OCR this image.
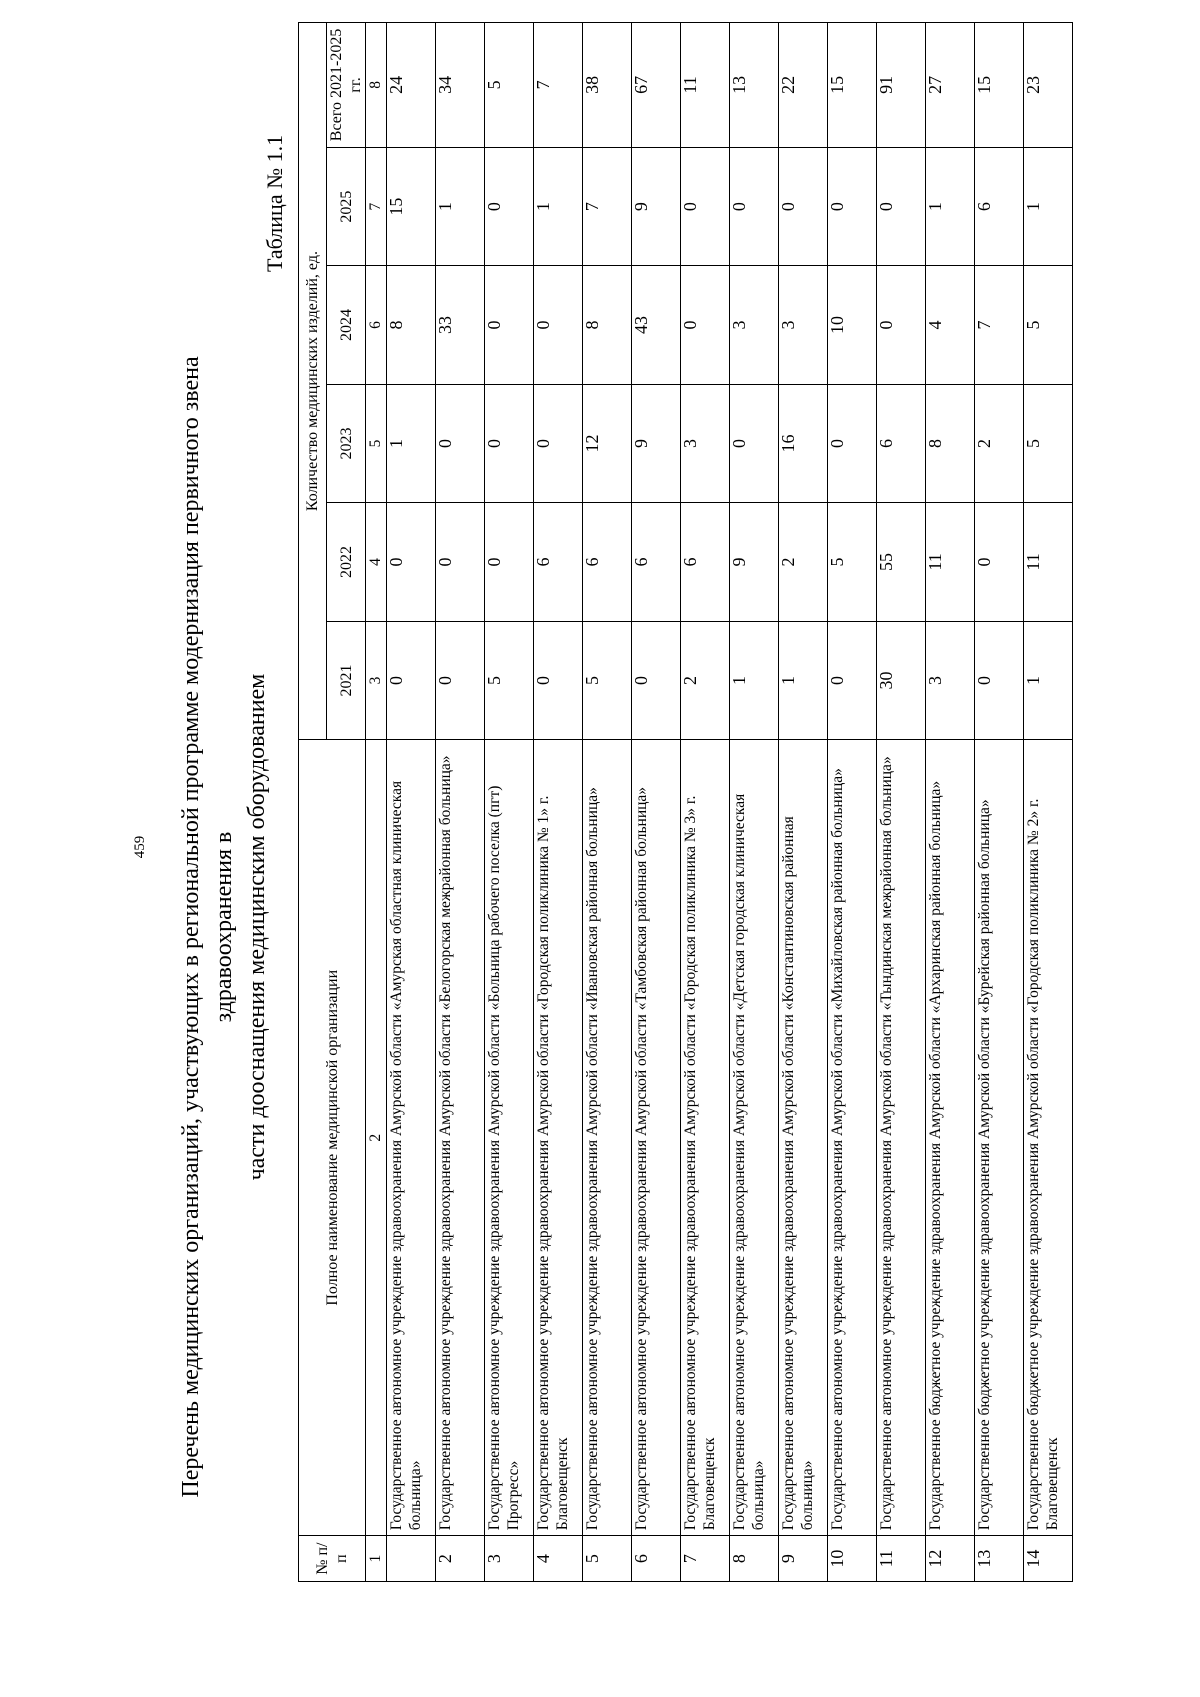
459 Перечень медицинских организаций, участвующих в региональной программе модернизация первичного звена здравоохранения в части дооснащения медицинским оборудованием
Таблица № 1.1
№ п/п	Полное наименование медицинской организации	Количество медицинских изделий, ед.					
		2021	2022	2023	2024	2025	Всего 2021-2025 гг.
1	2	3	4	5	6	7	8
	Государственное автономное учреждение здравоохранения Амурской области «Амурская областная клиническая больница»	0	0	1	8	15	24
2	Государственное автономное учреждение здравоохранения Амурской области «Белогорская межрайонная больница»	0	0	0	33	1	34
3	Государственное автономное учреждение здравоохранения Амурской области «Больница рабочего поселка (пгт) Прогресс»	5	0	0	0	0	5
4	Государственное автономное учреждение здравоохранения Амурской области «Городская поликлиника № 1» г. Благовещенск	0	6	0	0	1	7
5	Государственное автономное учреждение здравоохранения Амурской области «Ивановская районная больница»	5	6	12	8	7	38
6	Государственное автономное учреждение здравоохранения Амурской области «Тамбовская районная больница»	0	6	9	43	9	67
7	Государственное автономное учреждение здравоохранения Амурской области «Городская поликлиника № 3» г. Благовещенск	2	6	3	0	0	11
8	Государственное автономное учреждение здравоохранения Амурской области «Детская городская клиническая больница»	1	9	0	3	0	13
9	Государственное автономное учреждение здравоохранения Амурской области «Константиновская районная больница»	1	2	16	3	0	22
10	Государственное автономное учреждение здравоохранения Амурской области «Михайловская районная больница»	0	5	0	10	0	15
11	Государственное автономное учреждение здравоохранения Амурской области «Тындинская межрайонная больница»	30	55	6	0	0	91
12	Государственное бюджетное учреждение здравоохранения Амурской области «Архаринская районная больница»	3	11	8	4	1	27
13	Государственное бюджетное учреждение здравоохранения Амурской области «Бурейская районная больница»	0	0	2	7	6	15
14	Государственное бюджетное учреждение здравоохранения Амурской области «Городская поликлиника № 2» г. Благовещенск	1	11	5	5	1	23
